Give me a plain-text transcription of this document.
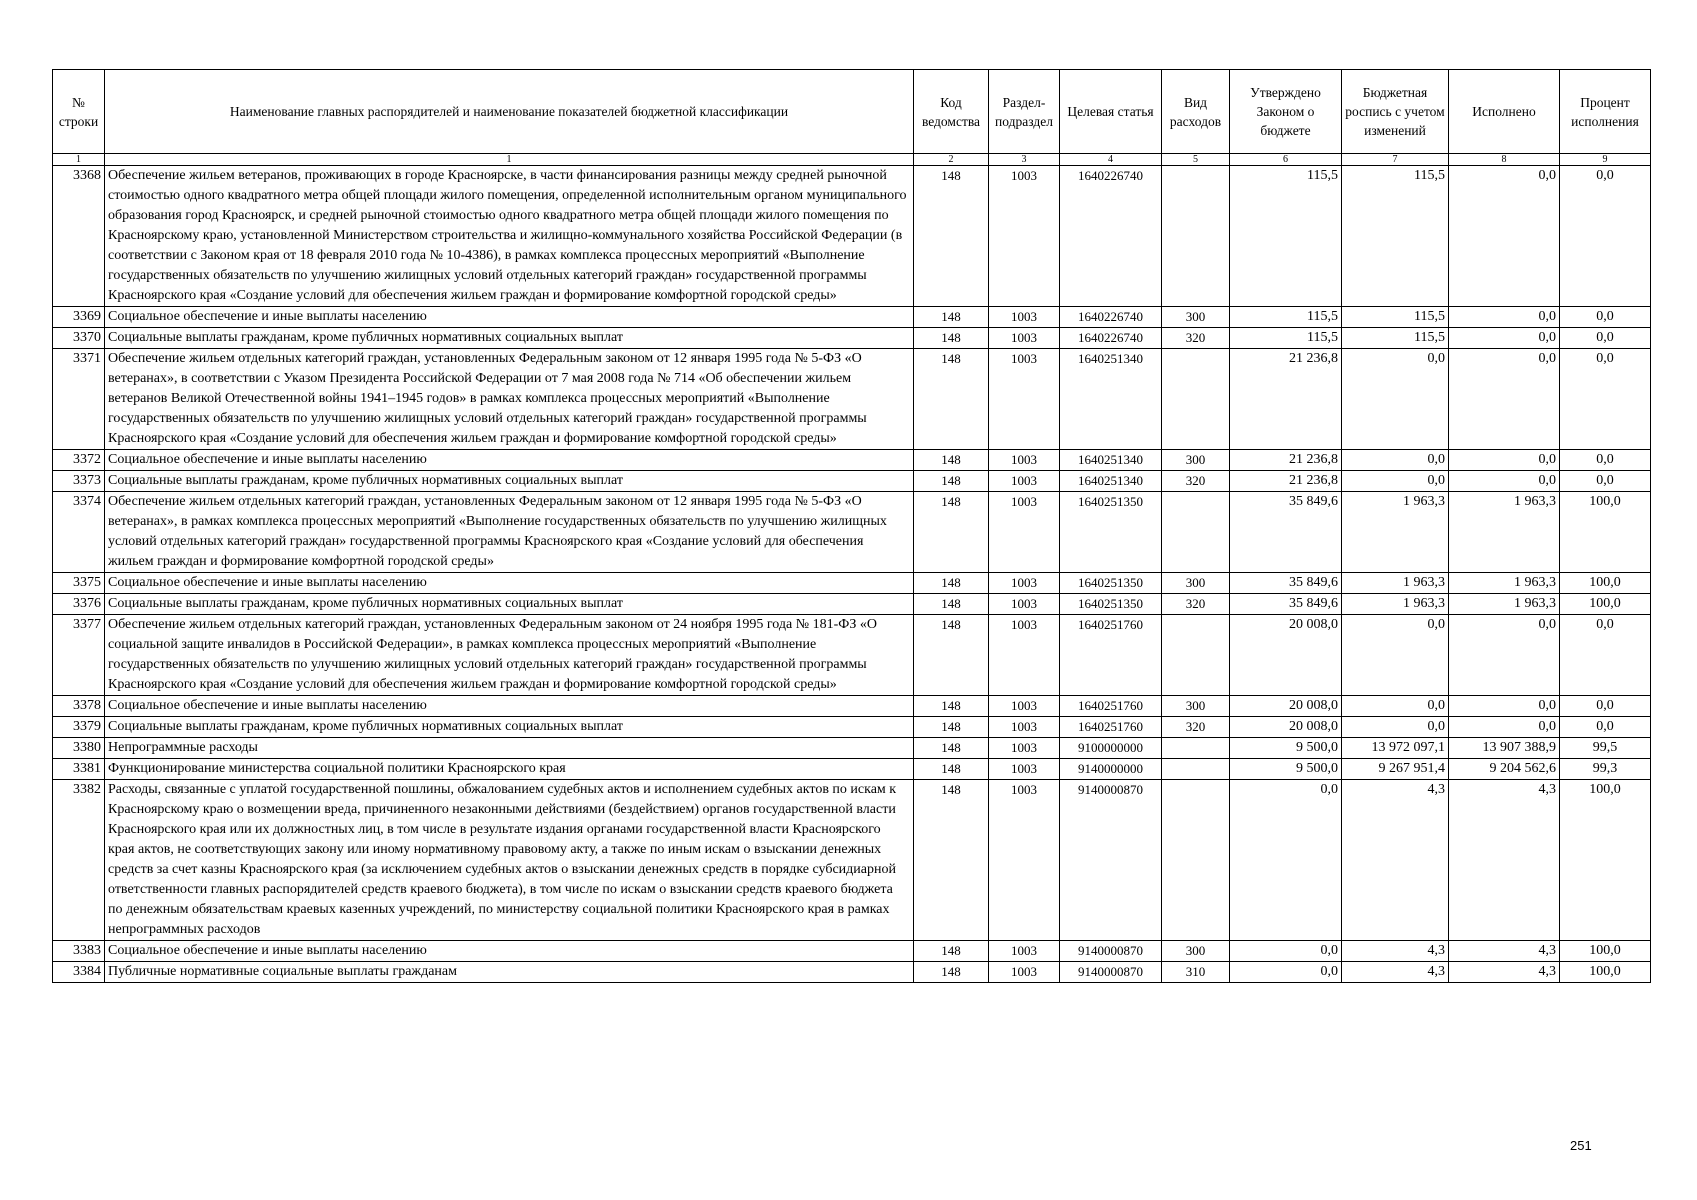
№ строки	Наименование главных распорядителей и наименование показателей бюджетной классификации	Код ведомства	Раздел-подраздел	Целевая статья	Вид расходов	Утверждено Законом о бюджете	Бюджетная роспись с учетом изменений	Исполнено	Процент исполнения
1	1	2	3	4	5	6	7	8	9
3368	Обеспечение жильем ветеранов, проживающих в городе Красноярске, в части финансирования разницы между средней рыночной стоимостью одного квадратного метра общей площади жилого помещения, определенной исполнительным органом муниципального образования город Красноярск, и средней рыночной стоимостью одного квадратного метра общей площади жилого помещения по Красноярскому краю, установленной Министерством строительства и жилищно-коммунального хозяйства Российской Федерации (в соответствии с Законом края от 18 февраля 2010 года № 10-4386), в рамках комплекса процессных мероприятий «Выполнение государственных обязательств по улучшению жилищных условий отдельных категорий граждан» государственной программы Красноярского края «Создание условий для обеспечения жильем граждан и формирование комфортной городской среды»	148	1003	1640226740		115,5	115,5	0,0	0,0
3369	Социальное обеспечение и иные выплаты населению	148	1003	1640226740	300	115,5	115,5	0,0	0,0
3370	Социальные выплаты гражданам, кроме публичных нормативных социальных выплат	148	1003	1640226740	320	115,5	115,5	0,0	0,0
3371	Обеспечение жильем отдельных категорий граждан, установленных Федеральным законом от 12 января 1995 года № 5-ФЗ «О ветеранах», в соответствии с Указом Президента Российской Федерации от 7 мая 2008 года № 714 «Об обеспечении жильем ветеранов Великой Отечественной войны 1941–1945 годов» в рамках комплекса процессных мероприятий «Выполнение государственных обязательств по улучшению жилищных условий отдельных категорий граждан» государственной программы Красноярского края «Создание условий для обеспечения жильем граждан и формирование комфортной городской среды»	148	1003	1640251340		21 236,8	0,0	0,0	0,0
3372	Социальное обеспечение и иные выплаты населению	148	1003	1640251340	300	21 236,8	0,0	0,0	0,0
3373	Социальные выплаты гражданам, кроме публичных нормативных социальных выплат	148	1003	1640251340	320	21 236,8	0,0	0,0	0,0
3374	Обеспечение жильем отдельных категорий граждан, установленных Федеральным законом от 12 января 1995 года № 5-ФЗ «О ветеранах», в рамках комплекса процессных мероприятий «Выполнение государственных обязательств по улучшению жилищных условий отдельных категорий граждан» государственной программы Красноярского края «Создание условий для обеспечения жильем граждан и формирование комфортной городской среды»	148	1003	1640251350		35 849,6	1 963,3	1 963,3	100,0
3375	Социальное обеспечение и иные выплаты населению	148	1003	1640251350	300	35 849,6	1 963,3	1 963,3	100,0
3376	Социальные выплаты гражданам, кроме публичных нормативных социальных выплат	148	1003	1640251350	320	35 849,6	1 963,3	1 963,3	100,0
3377	Обеспечение жильем отдельных категорий граждан, установленных Федеральным законом от 24 ноября 1995 года № 181-ФЗ «О социальной защите инвалидов в Российской Федерации», в рамках комплекса процессных мероприятий «Выполнение государственных обязательств по улучшению жилищных условий отдельных категорий граждан» государственной программы Красноярского края «Создание условий для обеспечения жильем граждан и формирование комфортной городской среды»	148	1003	1640251760		20 008,0	0,0	0,0	0,0
3378	Социальное обеспечение и иные выплаты населению	148	1003	1640251760	300	20 008,0	0,0	0,0	0,0
3379	Социальные выплаты гражданам, кроме публичных нормативных социальных выплат	148	1003	1640251760	320	20 008,0	0,0	0,0	0,0
3380	Непрограммные расходы	148	1003	9100000000		9 500,0	13 972 097,1	13 907 388,9	99,5
3381	Функционирование министерства социальной политики Красноярского края	148	1003	9140000000		9 500,0	9 267 951,4	9 204 562,6	99,3
3382	Расходы, связанные с уплатой государственной пошлины, обжалованием судебных актов и исполнением судебных актов по искам к Красноярскому краю о возмещении вреда, причиненного незаконными действиями (бездействием) органов государственной власти Красноярского края или их должностных лиц, в том числе в результате издания органами государственной власти Красноярского края актов, не соответствующих закону или иному нормативному правовому акту, а также по иным искам о взыскании денежных средств за счет казны Красноярского края (за исключением судебных актов о взыскании денежных средств в порядке субсидиарной ответственности главных распорядителей средств краевого бюджета), в том числе по искам о взыскании средств краевого бюджета по денежным обязательствам краевых казенных учреждений, по министерству социальной политики Красноярского края в рамках непрограммных расходов	148	1003	9140000870		0,0	4,3	4,3	100,0
3383	Социальное обеспечение и иные выплаты населению	148	1003	9140000870	300	0,0	4,3	4,3	100,0
3384	Публичные нормативные социальные выплаты гражданам	148	1003	9140000870	310	0,0	4,3	4,3	100,0
251
